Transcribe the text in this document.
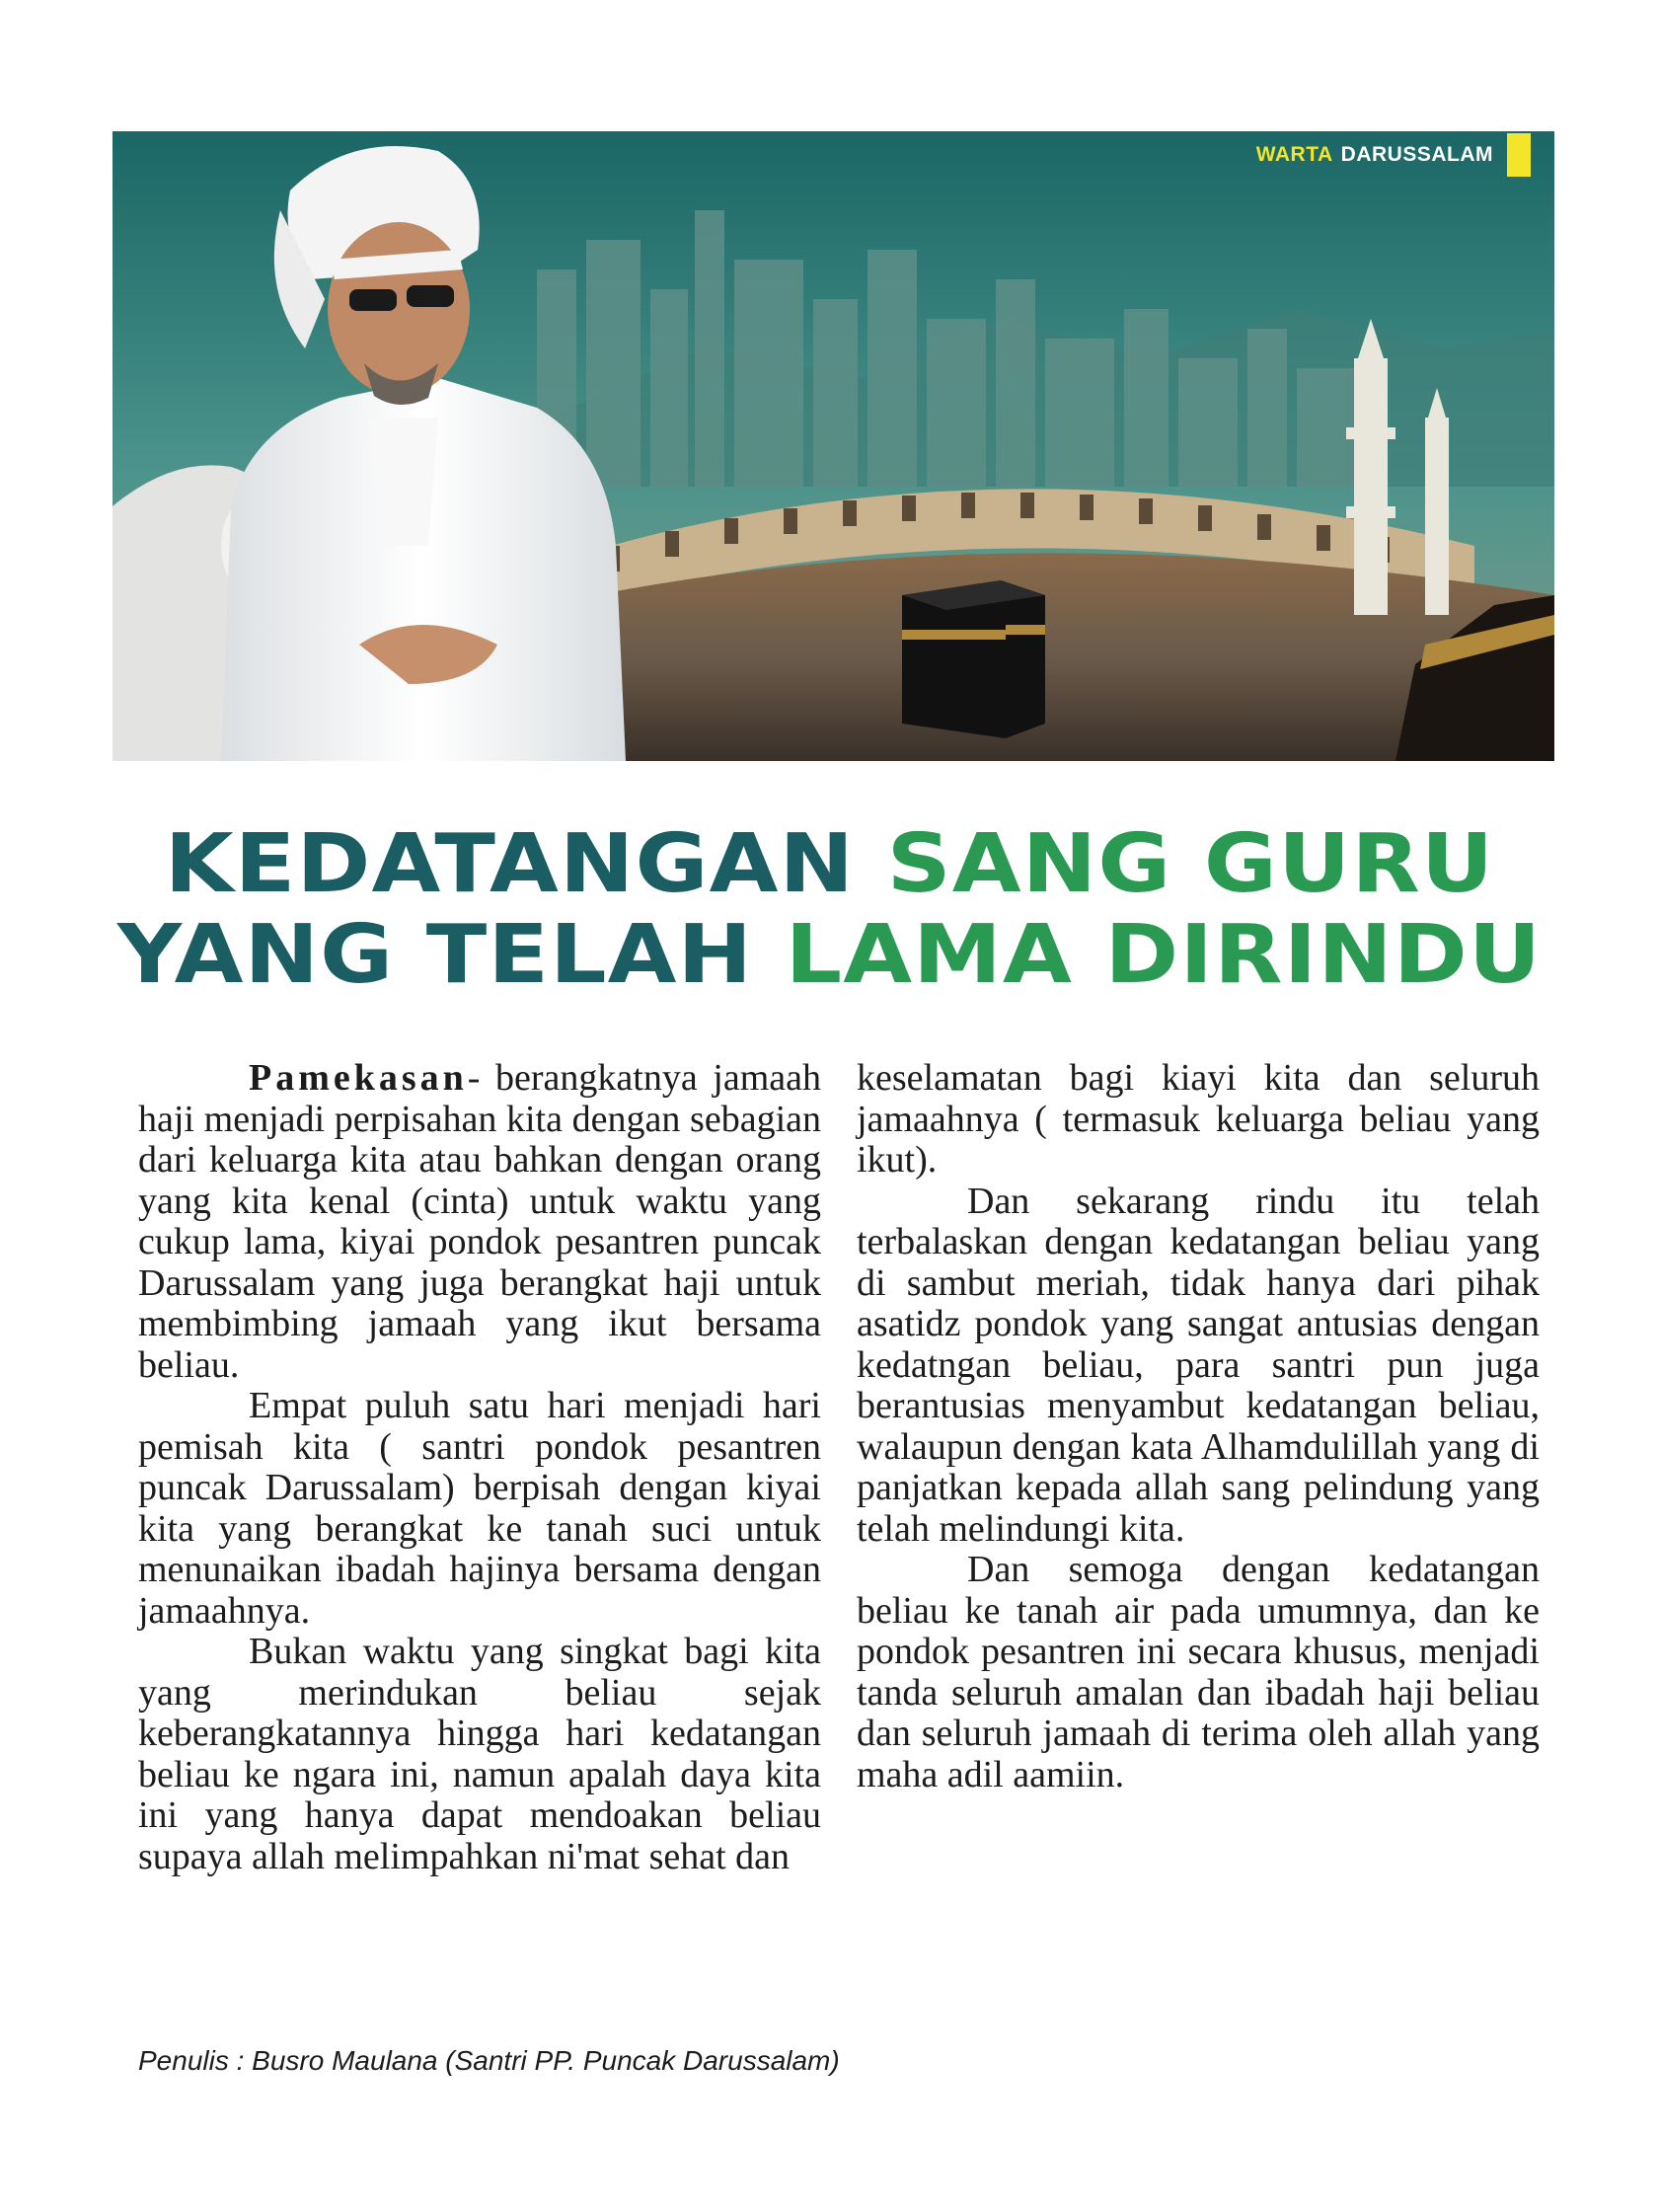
WARTA DARUSSALAM
KEDATANGAN SANG GURU
YANG TELAH LAMA DIRINDU

Pamekasan- berangkatnya jamaah haji menjadi perpisahan kita dengan sebagian dari keluarga kita atau bahkan dengan orang yang kita kenal (cinta) untuk waktu yang cukup lama, kiyai pondok pesantren puncak Darussalam yang juga berangkat haji untuk membimbing jamaah yang ikut bersama beliau.

Empat puluh satu hari menjadi hari pemisah kita ( santri pondok pesantren puncak Darussalam) berpisah dengan kiyai kita yang berangkat ke tanah suci untuk menunaikan ibadah hajinya bersama dengan jamaahnya.

Bukan waktu yang singkat bagi kita yang merindukan beliau sejak keberangkatannya hingga hari kedatangan beliau ke ngara ini, namun apalah daya kita ini yang hanya dapat mendoakan beliau supaya allah melimpahkan ni'mat sehat dan

keselamatan bagi kiayi kita dan seluruh jamaahnya ( termasuk keluarga beliau yang ikut).

Dan sekarang rindu itu telah terbalaskan dengan kedatangan beliau yang di sambut meriah, tidak hanya dari pihak asatidz pondok yang sangat antusias dengan kedatngan beliau, para santri pun juga berantusias menyambut kedatangan beliau, walaupun dengan kata Alhamdulillah yang di panjatkan kepada allah sang pelindung yang telah melindungi kita.

Dan semoga dengan kedatangan beliau ke tanah air pada umumnya, dan ke pondok pesantren ini secara khusus, menjadi tanda seluruh amalan dan ibadah haji beliau dan seluruh jamaah di terima oleh allah yang maha adil aamiin.

Penulis : Busro Maulana (Santri PP. Puncak Darussalam)
